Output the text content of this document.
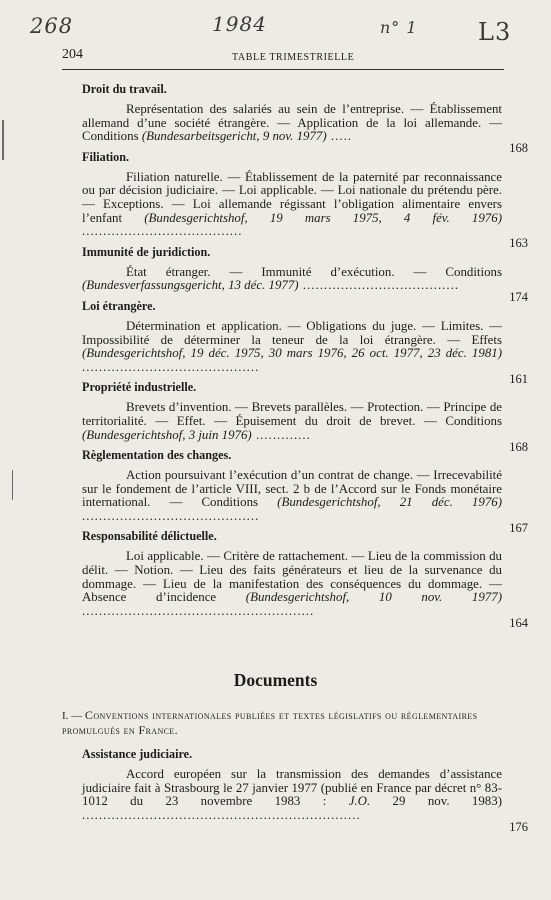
268	1984	n° 1	L3
204	TABLE TRIMESTRIELLE
Droit du travail.
Représentation des salariés au sein de l’entreprise. — Établissement allemand d’une société étrangère. — Application de la loi allemande. — Conditions (Bundesarbeitsgericht, 9 nov. 1977) .....
168
Filiation.
Filiation naturelle. — Établissement de la paternité par reconnaissance ou par décision judiciaire. — Loi applicable. — Loi nationale du prétendu père. — Exceptions. — Loi allemande régissant l’obligation alimentaire envers l’enfant (Bundesgerichtshof, 19 mars 1975, 4 fév. 1976) ......................................
163
Immunité de juridiction.
État étranger. — Immunité d’exécution. — Conditions (Bundesverfassungsgericht, 13 déc. 1977) .....................................
174
Loi étrangère.
Détermination et application. — Obligations du juge. — Limites. — Impossibilité de déterminer la teneur de la loi étrangère. — Effets (Bundesgerichtshof, 19 déc. 1975, 30 mars 1976, 26 oct. 1977, 23 déc. 1981) ..........................................
161
Propriété industrielle.
Brevets d’invention. — Brevets parallèles. — Protection. — Principe de territorialité. — Effet. — Épuisement du droit de brevet. — Conditions (Bundesgerichtshof, 3 juin 1976) .............
168
Règlementation des changes.
Action poursuivant l’exécution d’un contrat de change. — Irrecevabilité sur le fondement de l’article VIII, sect. 2 b de l’Accord sur le Fonds monétaire international. — Conditions (Bundesgerichtshof, 21 déc. 1976) ..........................................
167
Responsabilité délictuelle.
Loi applicable. — Critère de rattachement. — Lieu de la commission du délit. — Notion. — Lieu des faits générateurs et lieu de la survenance du dommage. — Lieu de la manifestation des conséquences du dommage. — Absence d’incidence (Bundesgerichtshof, 10 nov. 1977) .......................................................
164
Documents
I. — Conventions internationales publiées et textes législatifs ou règlementaires promulgués en France.
Assistance judiciaire.
Accord européen sur la transmission des demandes d’assistance judiciaire fait à Strasbourg le 27 janvier 1977 (publié en France par décret n° 83-1012 du 23 novembre 1983 : J.O. 29 nov. 1983) ..................................................................
176
